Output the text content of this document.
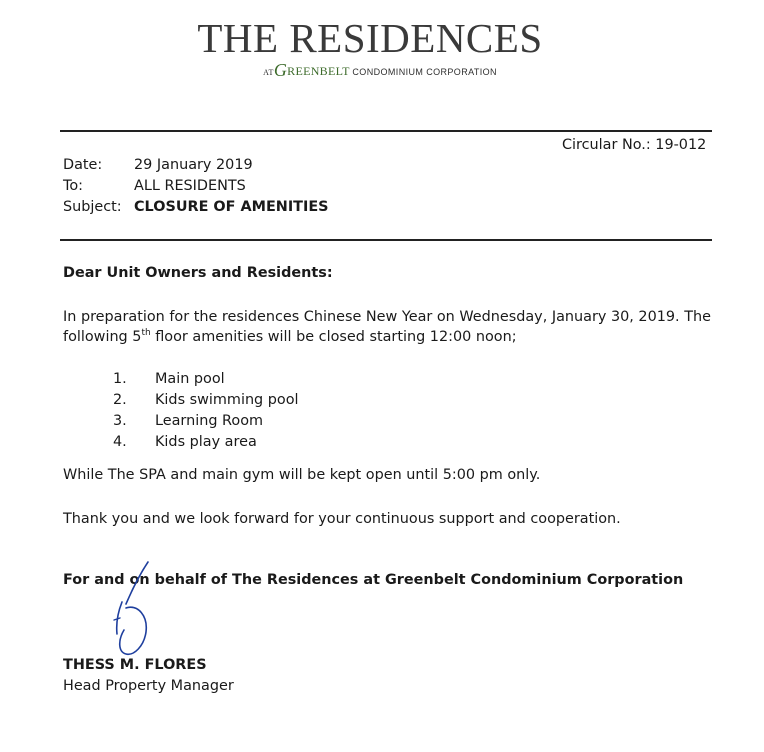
THE RESIDENCES
ATGREENBELT CONDOMINIUM CORPORATION
Circular No.: 19-012
Date: 29 January 2019
To:	ALL RESIDENTS
Subject: CLOSURE OF AMENITIES
Dear Unit Owners and Residents:
In preparation for the residences Chinese New Year on Wednesday, January 30, 2019. The
following 5th floor amenities will be closed starting 12:00 noon;
1. Main pool
2. Kids swimming pool
3. Learning Room
4. Kids play area
While The SPA and main gym will be kept open until 5:00 pm only.
Thank you and we look forward for your continuous support and cooperation.
For and on behalf of The Residences at Greenbelt Condominium Corporation
THESS M. FLORES
Head Property Manager
